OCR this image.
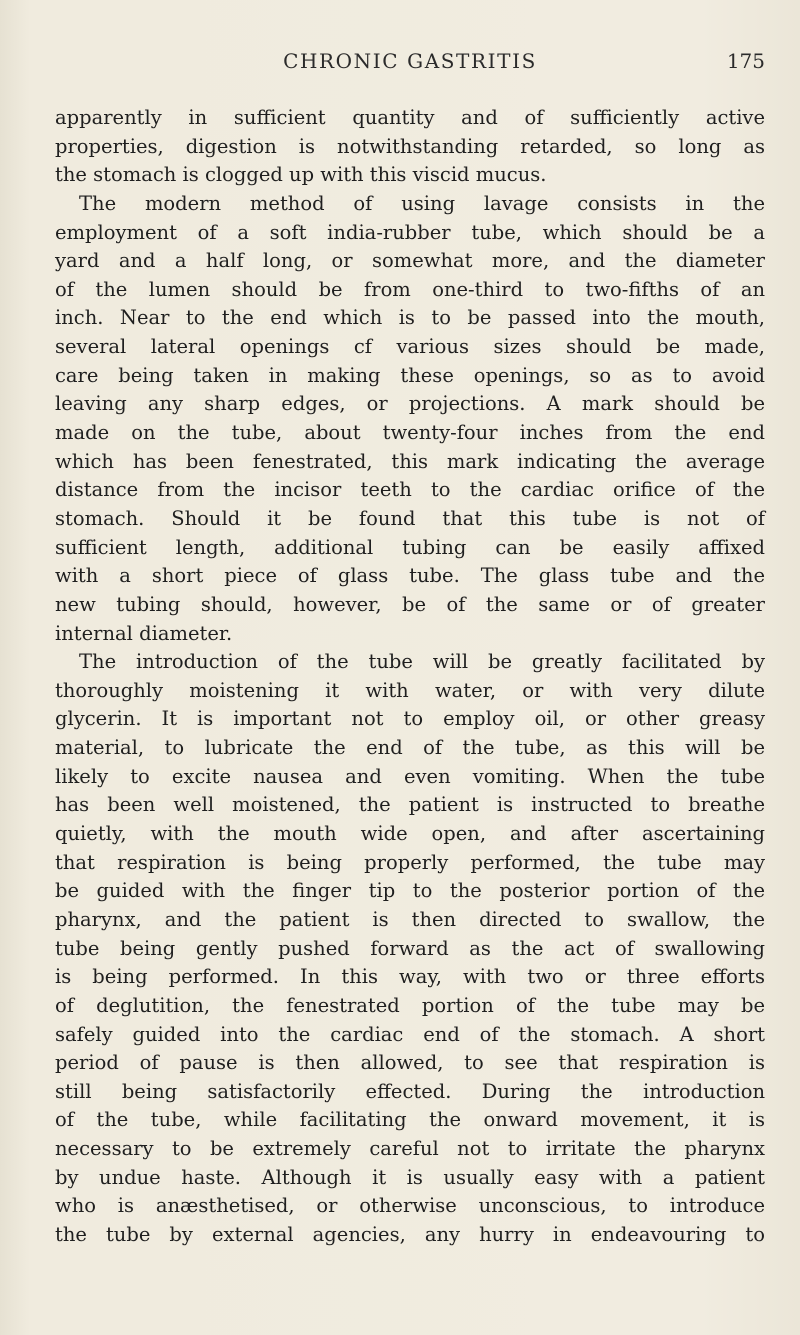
CHRONIC GASTRITIS	175
apparently in sufficient quantity and of sufficiently active
properties, digestion is notwithstanding retarded, so long as
the stomach is clogged up with this viscid mucus.
The modern method of using lavage consists in the
employment of a soft india-rubber tube, which should be a
yard and a half long, or somewhat more, and the diameter
of the lumen should be from one-third to two-fifths of an
inch. Near to the end which is to be passed into the mouth,
several lateral openings cf various sizes should be made,
care being taken in making these openings, so as to avoid
leaving any sharp edges, or projections. A mark should be
made on the tube, about twenty-four inches from the end
which has been fenestrated, this mark indicating the average
distance from the incisor teeth to the cardiac orifice of the
stomach. Should it be found that this tube is not of
sufficient length, additional tubing can be easily affixed
with a short piece of glass tube. The glass tube and the
new tubing should, however, be of the same or of greater
internal diameter.
The introduction of the tube will be greatly facilitated by
thoroughly moistening it with water, or with very dilute
glycerin. It is important not to employ oil, or other greasy
material, to lubricate the end of the tube, as this will be
likely to excite nausea and even vomiting. When the tube
has been well moistened, the patient is instructed to breathe
quietly, with the mouth wide open, and after ascertaining
that respiration is being properly performed, the tube may
be guided with the finger tip to the posterior portion of the
pharynx, and the patient is then directed to swallow, the
tube being gently pushed forward as the act of swallowing
is being performed. In this way, with two or three efforts
of deglutition, the fenestrated portion of the tube may be
safely guided into the cardiac end of the stomach. A short
period of pause is then allowed, to see that respiration is
still being satisfactorily effected. During the introduction
of the tube, while facilitating the onward movement, it is
necessary to be extremely careful not to irritate the pharynx
by undue haste. Although it is usually easy with a patient
who is anæsthetised, or otherwise unconscious, to introduce
the tube by external agencies, any hurry in endeavouring to
